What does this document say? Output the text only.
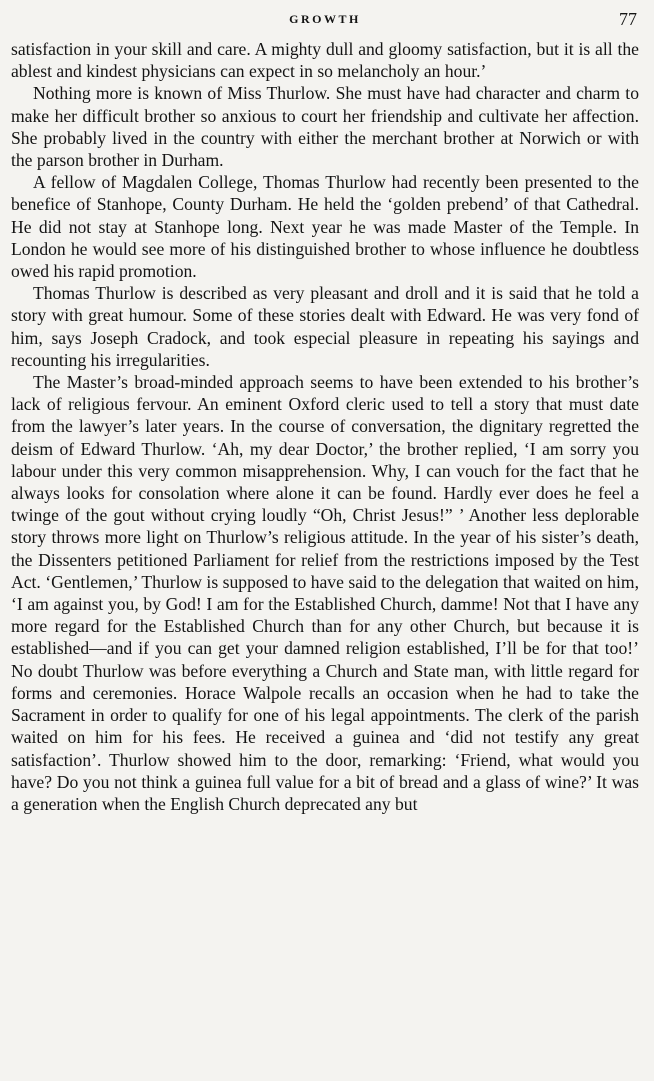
GROWTH	77

satisfaction in your skill and care. A mighty dull and gloomy satisfaction, but it is all the ablest and kindest physicians can expect in so melancholy an hour.’

Nothing more is known of Miss Thurlow. She must have had character and charm to make her difficult brother so anxious to court her friendship and cultivate her affection. She probably lived in the country with either the merchant brother at Norwich or with the parson brother in Durham.

A fellow of Magdalen College, Thomas Thurlow had recently been presented to the benefice of Stanhope, County Durham. He held the ‘golden prebend’ of that Cathedral. He did not stay at Stanhope long. Next year he was made Master of the Temple. In London he would see more of his distinguished brother to whose influence he doubtless owed his rapid promotion.

Thomas Thurlow is described as very pleasant and droll and it is said that he told a story with great humour. Some of these stories dealt with Edward. He was very fond of him, says Joseph Cradock, and took especial pleasure in repeating his sayings and recounting his irregularities.

The Master’s broad-minded approach seems to have been extended to his brother’s lack of religious fervour. An eminent Oxford cleric used to tell a story that must date from the lawyer’s later years. In the course of conversation, the dignitary regretted the deism of Edward Thurlow. ‘Ah, my dear Doctor,’ the brother replied, ‘I am sorry you labour under this very common misapprehension. Why, I can vouch for the fact that he always looks for consolation where alone it can be found. Hardly ever does he feel a twinge of the gout without crying loudly “Oh, Christ Jesus!” ’ Another less deplorable story throws more light on Thurlow’s religious attitude. In the year of his sister’s death, the Dissenters petitioned Parliament for relief from the restrictions imposed by the Test Act. ‘Gentlemen,’ Thurlow is supposed to have said to the delegation that waited on him, ‘I am against you, by God! I am for the Established Church, damme! Not that I have any more regard for the Established Church than for any other Church, but because it is established—and if you can get your damned religion established, I’ll be for that too!’ No doubt Thurlow was before everything a Church and State man, with little regard for forms and ceremonies. Horace Walpole recalls an occasion when he had to take the Sacrament in order to qualify for one of his legal appointments. The clerk of the parish waited on him for his fees. He received a guinea and ‘did not testify any great satisfaction’. Thurlow showed him to the door, remarking: ‘Friend, what would you have? Do you not think a guinea full value for a bit of bread and a glass of wine?’ It was a generation when the English Church deprecated any but
